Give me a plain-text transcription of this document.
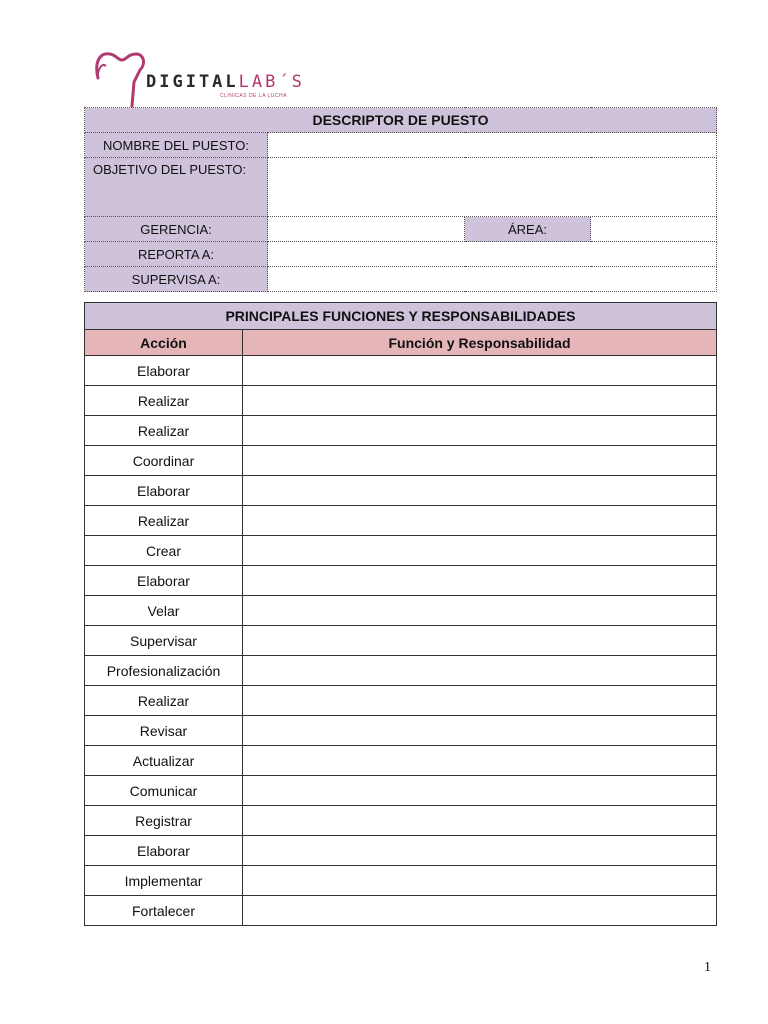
DIGITALLAB´S
CLINICAS DE LA LUCHA
DESCRIPTOR DE PUESTO			
NOMBRE DEL PUESTO:			
OBJETIVO DEL PUESTO:			
GERENCIA:		ÁREA:	
REPORTA A:			
SUPERVISA A:			
PRINCIPALES FUNCIONES Y RESPONSABILIDADES	
Acción	Función y Responsabilidad
Elaborar	
Realizar	
Realizar	
Coordinar	
Elaborar	
Realizar	
Crear	
Elaborar	
Velar	
Supervisar	
Profesionalización	
Realizar	
Revisar	
Actualizar	
Comunicar	
Registrar	
Elaborar	
Implementar	
Fortalecer	
1
